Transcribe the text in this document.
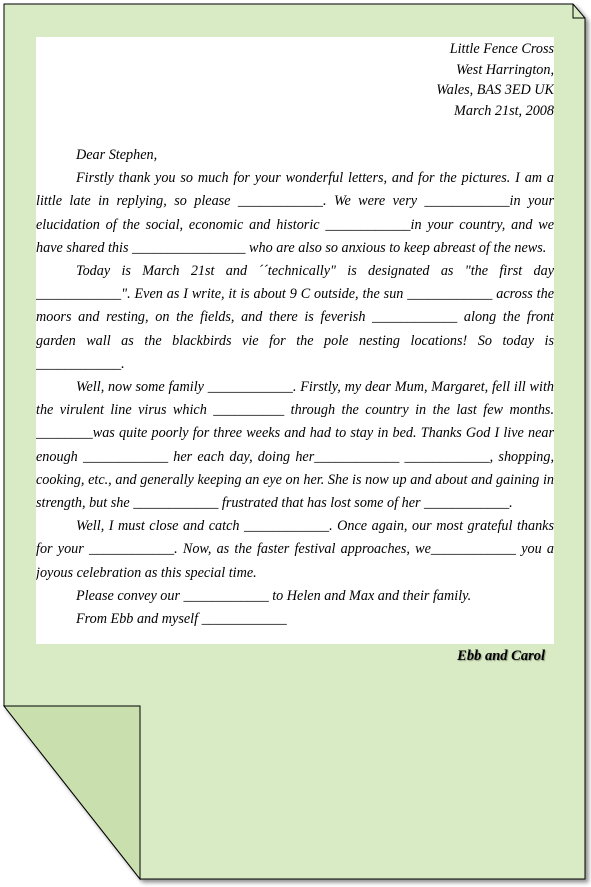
Little Fence Cross
West Harrington,
Wales, BAS 3ED UK
March 21st, 2008
Dear Stephen,

Firstly thank you so much for your wonderful letters, and for the pictures. I am a little late in replying, so please ____________. We were very ____________in your elucidation of the social, economic and historic ____________in your country, and we have shared this ________________ who are also so anxious to keep abreast of the news.

Today is March 21st and ´´technically" is designated as "the first day ____________". Even as I write, it is about 9 C outside, the sun ____________ across the moors and resting, on the fields, and there is feverish ____________ along the front garden wall as the blackbirds vie for the pole nesting locations! So today is ____________.

Well, now some family ____________. Firstly, my dear Mum, Margaret, fell ill with the virulent line virus which __________ through the country in the last few months. ________was quite poorly for three weeks and had to stay in bed. Thanks God I live near enough ____________ her each day, doing her____________ ____________, shopping, cooking, etc., and generally keeping an eye on her. She is now up and about and gaining in strength, but she ____________ frustrated that has lost some of her ____________.

Well, I must close and catch ____________. Once again, our most grateful thanks for your ____________. Now, as the faster festival approaches, we____________ you a joyous celebration as this special time.

Please convey our ____________ to Helen and Max and their family.

From Ebb and myself ____________
Ebb and Carol
